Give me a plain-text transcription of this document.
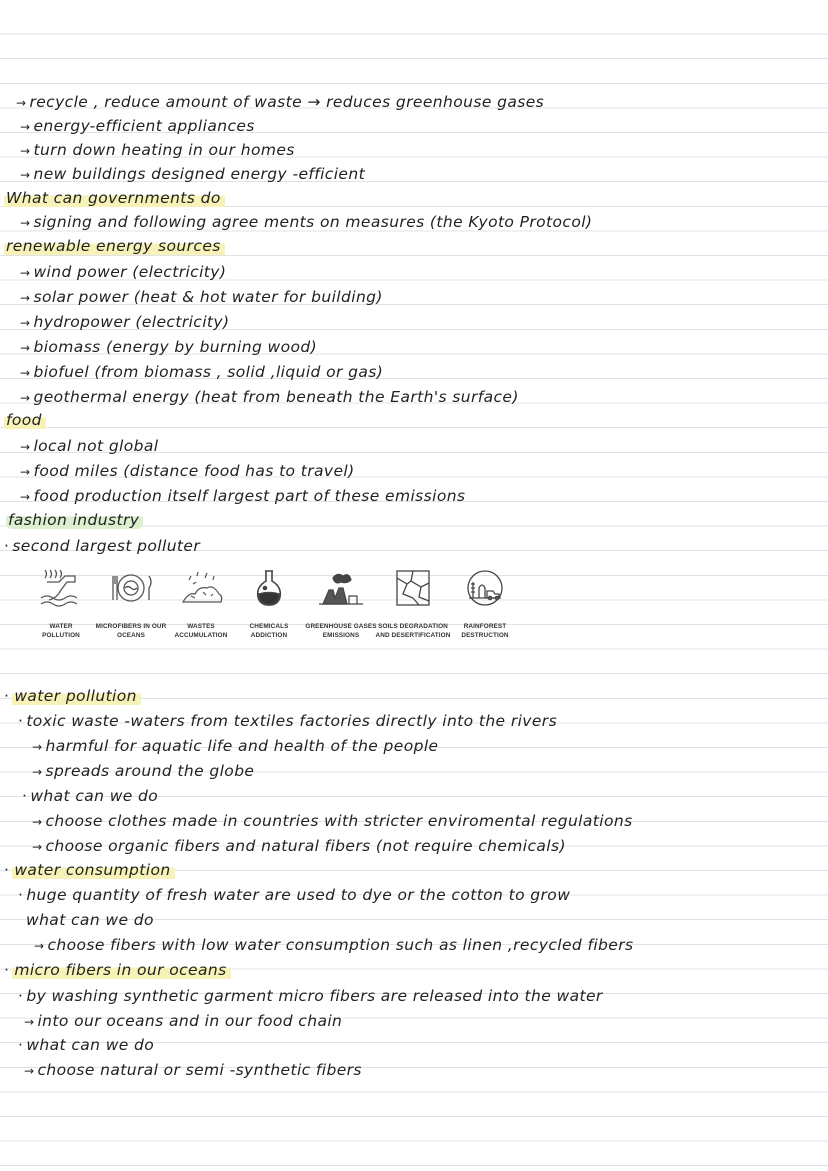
→ recycle , reduce amount of waste → reduces greenhouse gases
→ energy-efficient appliances
→ turn down heating in our homes
→ new buildings designed energy -efficient
What can governments do
→ signing and following agree ments on measures (the Kyoto Protocol)
renewable energy sources
→ wind power (electricity)
→ solar power (heat & hot water for building)
→ hydropower (electricity)
→ biomass (energy by burning wood)
→ biofuel (from biomass , solid ,liquid or gas)
→ geothermal energy (heat from beneath the Earth's surface)
food
→ local not global
→ food miles (distance food has to travel)
→ food production itself largest part of these emissions
fashion industry
· second largest polluter
WATER
POLLUTION
MICROFIBERS IN OUR
OCEANS
WASTES
ACCUMULATION
CHEMICALS
ADDICTION
GREENHOUSE GASES
EMISSIONS
SOILS DEGRADATION
AND DESERTIFICATION
RAINFOREST
DESTRUCTION
· water pollution
· toxic waste -waters from textiles factories directly into the rivers
→ harmful for aquatic life and health of the people
→ spreads around the globe
· what can we do
→ choose clothes made in countries with stricter enviromental regulations
→ choose organic fibers and natural fibers (not require chemicals)
· water consumption
· huge quantity of fresh water are used to dye or the cotton to grow
what can we do
→ choose fibers with low water consumption such as linen ,recycled fibers
· micro fibers in our oceans
· by washing synthetic garment micro fibers are released into the water
→ into our oceans and in our food chain
· what can we do
→ choose natural or semi -synthetic fibers
